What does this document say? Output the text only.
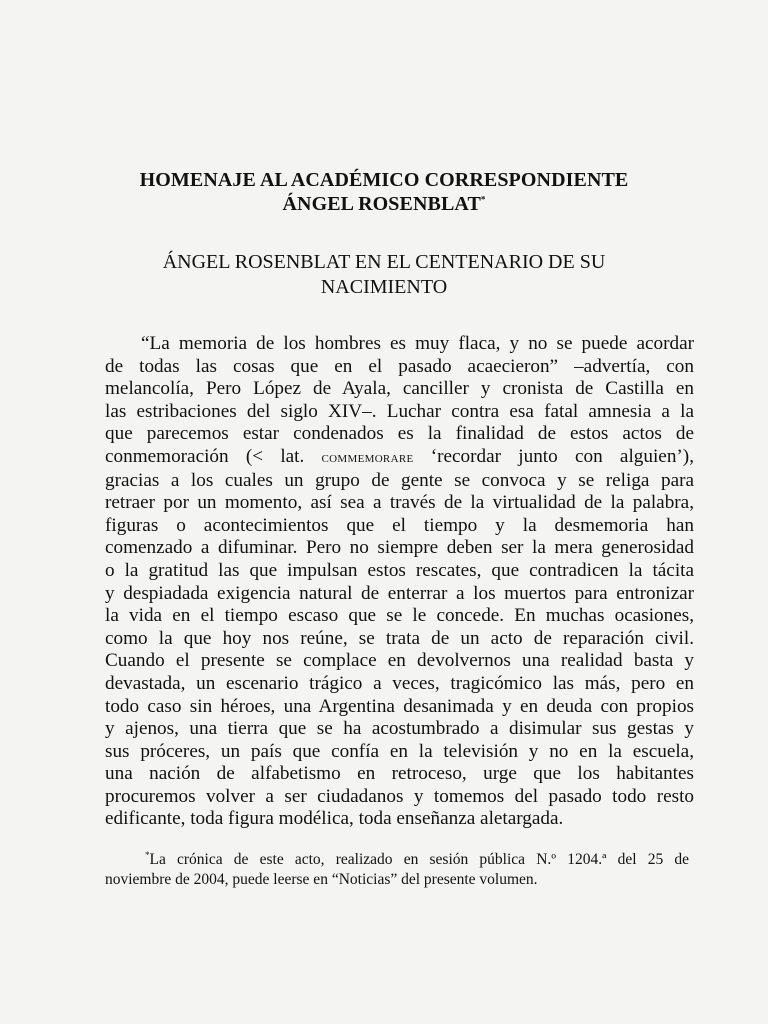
HOMENAJE AL ACADÉMICO CORRESPONDIENTE
ÁNGEL ROSENBLAT*
ÁNGEL ROSENBLAT EN EL CENTENARIO DE SU
NACIMIENTO
“La memoria de los hombres es muy flaca, y no se puede acordar
de todas las cosas que en el pasado acaecieron” –advertía, con
melancolía, Pero López de Ayala, canciller y cronista de Castilla en
las estribaciones del siglo XIV–. Luchar contra esa fatal amnesia a la
que parecemos estar condenados es la finalidad de estos actos de
conmemoración (< lat. commemorare ‘recordar junto con alguien’),
gracias a los cuales un grupo de gente se convoca y se religa para
retraer por un momento, así sea a través de la virtualidad de la palabra,
figuras o acontecimientos que el tiempo y la desmemoria han
comenzado a difuminar. Pero no siempre deben ser la mera generosidad
o la gratitud las que impulsan estos rescates, que contradicen la tácita
y despiadada exigencia natural de enterrar a los muertos para entronizar
la vida en el tiempo escaso que se le concede. En muchas ocasiones,
como la que hoy nos reúne, se trata de un acto de reparación civil.
Cuando el presente se complace en devolvernos una realidad basta y
devastada, un escenario trágico a veces, tragicómico las más, pero en
todo caso sin héroes, una Argentina desanimada y en deuda con propios
y ajenos, una tierra que se ha acostumbrado a disimular sus gestas y
sus próceres, un país que confía en la televisión y no en la escuela,
una nación de alfabetismo en retroceso, urge que los habitantes
procuremos volver a ser ciudadanos y tomemos del pasado todo resto
edificante, toda figura modélica, toda enseñanza aletargada.
*La crónica de este acto, realizado en sesión pública N.º 1204.ª del 25 de
noviembre de 2004, puede leerse en “Noticias” del presente volumen.
